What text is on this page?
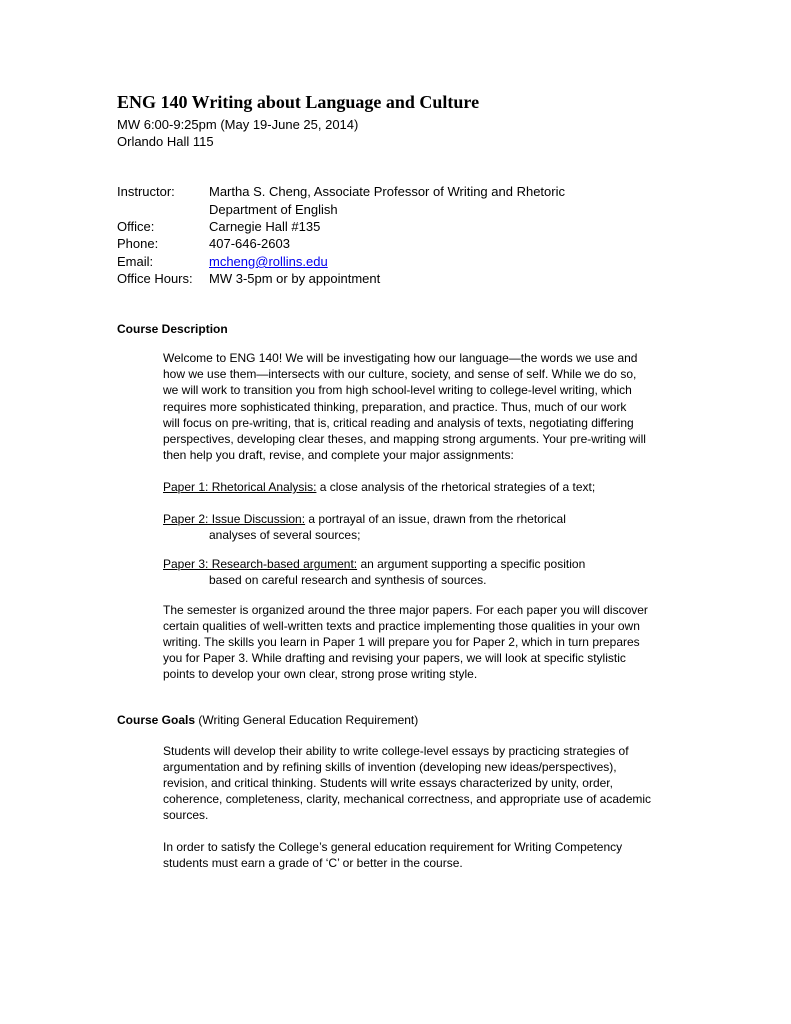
ENG 140 Writing about Language and Culture
MW 6:00-9:25pm (May 19-June 25, 2014)
Orlando Hall 115
Instructor:	Martha S. Cheng, Associate Professor of Writing and Rhetoric
Department of English
Office:	Carnegie Hall #135
Phone:	407-646-2603
Email:	mcheng@rollins.edu
Office Hours: MW 3-5pm or by appointment
Course Description
Welcome to ENG 140! We will be investigating how our language—the words we use and
how we use them—intersects with our culture, society, and sense of self. While we do so,
we will work to transition you from high school-level writing to college-level writing, which
requires more sophisticated thinking, preparation, and practice. Thus, much of our work
will focus on pre-writing, that is, critical reading and analysis of texts, negotiating differing
perspectives, developing clear theses, and mapping strong arguments. Your pre-writing will
then help you draft, revise, and complete your major assignments:
Paper 1: Rhetorical Analysis: a close analysis of the rhetorical strategies of a text;
Paper 2: Issue Discussion: a portrayal of an issue, drawn from the rhetorical
analyses of several sources;
Paper 3: Research-based argument: an argument supporting a specific position
based on careful research and synthesis of sources.
The semester is organized around the three major papers. For each paper you will discover
certain qualities of well-written texts and practice implementing those qualities in your own
writing. The skills you learn in Paper 1 will prepare you for Paper 2, which in turn prepares
you for Paper 3. While drafting and revising your papers, we will look at specific stylistic
points to develop your own clear, strong prose writing style.
Course Goals (Writing General Education Requirement)
Students will develop their ability to write college-level essays by practicing strategies of
argumentation and by refining skills of invention (developing new ideas/perspectives),
revision, and critical thinking. Students will write essays characterized by unity, order,
coherence, completeness, clarity, mechanical correctness, and appropriate use of academic
sources.
In order to satisfy the College’s general education requirement for Writing Competency
students must earn a grade of ‘C’ or better in the course.
